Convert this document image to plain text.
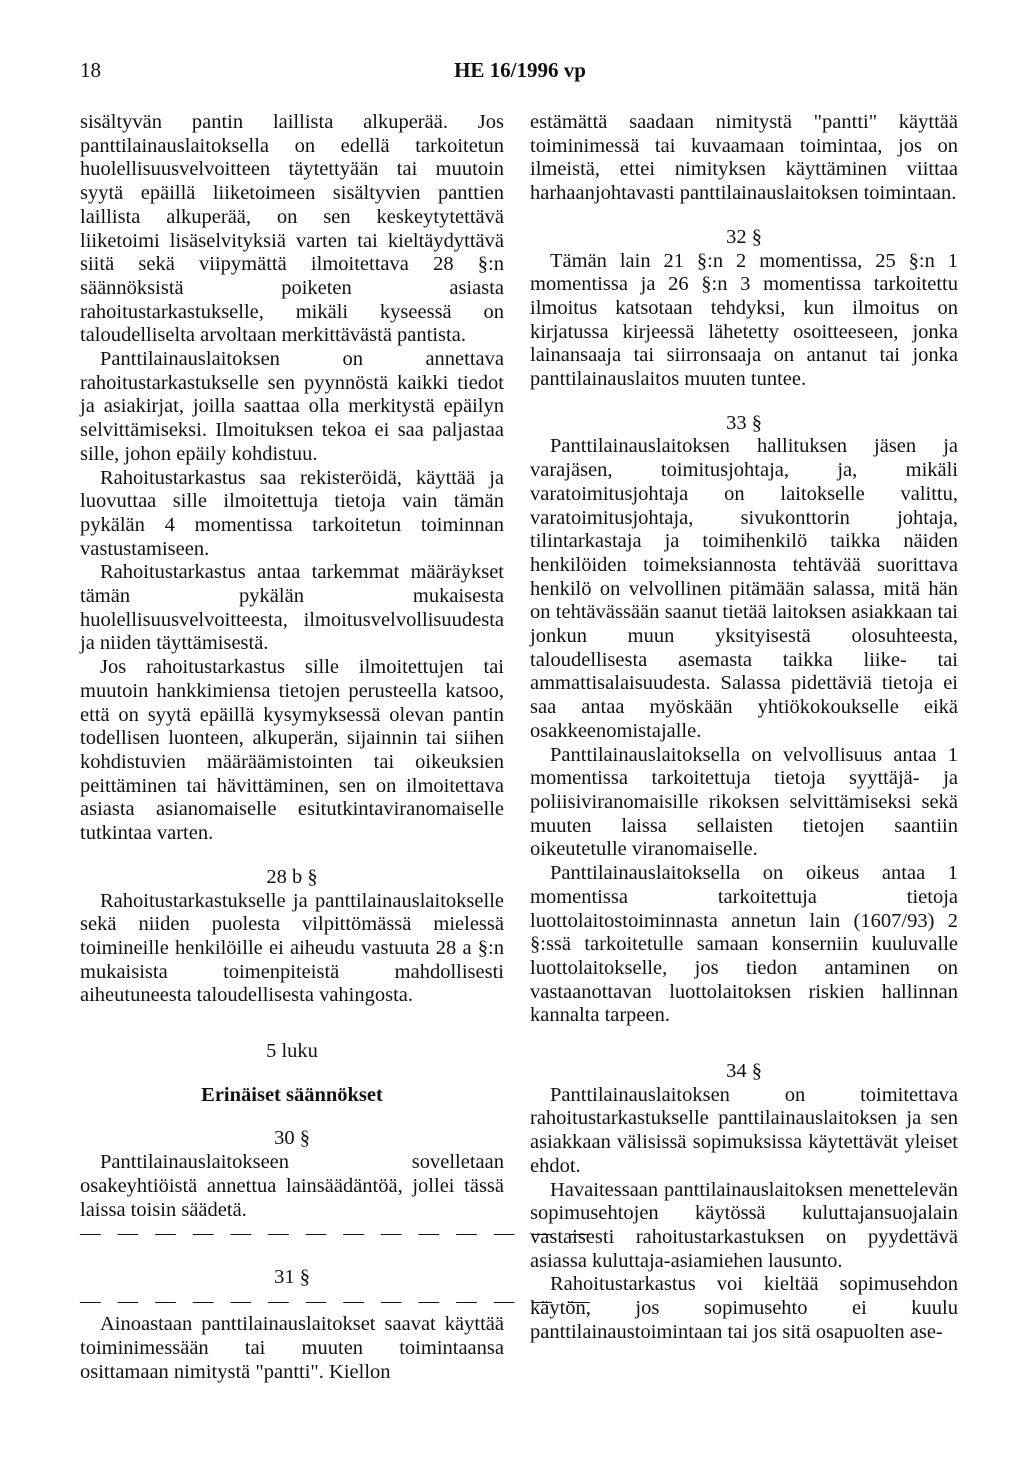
18	HE 16/1996 vp

sisältyvän pantin laillista alkuperää. Jos panttilainauslaitoksella on edellä tarkoitetun huolellisuusvelvoitteen täytettyään tai muutoin syytä epäillä liiketoimeen sisältyvien panttien laillista alkuperää, on sen keskeytytettävä liiketoimi lisäselvityksiä varten tai kieltäydyttävä siitä sekä viipymättä ilmoitettava 28 §:n säännöksistä poiketen asiasta rahoitustarkastukselle, mikäli kyseessä on taloudelliselta arvoltaan merkittävästä pantista.

Panttilainauslaitoksen on annettava rahoitustarkastukselle sen pyynnöstä kaikki tiedot ja asiakirjat, joilla saattaa olla merkitystä epäilyn selvittämiseksi. Ilmoituksen tekoa ei saa paljastaa sille, johon epäily kohdistuu.

Rahoitustarkastus saa rekisteröidä, käyttää ja luovuttaa sille ilmoitettuja tietoja vain tämän pykälän 4 momentissa tarkoitetun toiminnan vastustamiseen.

Rahoitustarkastus antaa tarkemmat määräykset tämän pykälän mukaisesta huolellisuusvelvoitteesta, ilmoitusvelvollisuudesta ja niiden täyttämisestä.

Jos rahoitustarkastus sille ilmoitettujen tai muutoin hankkimiensa tietojen perusteella katsoo, että on syytä epäillä kysymyksessä olevan pantin todellisen luonteen, alkuperän, sijainnin tai siihen kohdistuvien määräämistointen tai oikeuksien peittäminen tai hävittäminen, sen on ilmoitettava asiasta asianomaiselle esitutkintaviranomaiselle tutkintaa varten.

28 b §

Rahoitustarkastukselle ja panttilainauslaitokselle sekä niiden puolesta vilpittömässä mielessä toimineille henkilöille ei aiheudu vastuuta 28 a §:n mukaisista toimenpiteistä mahdollisesti aiheutuneesta taloudellisesta vahingosta.

5 luku

Erinäiset säännökset

30 §

Panttilainauslaitokseen sovelletaan osakeyhtiöistä annettua lainsäädäntöä, jollei tässä laissa toisin säädetä.

— — — — — — — — — — — — — —

31 §

— — — — — — — — — — — — — —

Ainoastaan panttilainauslaitokset saavat käyttää toiminimessään tai muuten toimintaansa osittamaan nimitystä "pantti". Kiellon

estämättä saadaan nimitystä "pantti" käyttää toiminimessä tai kuvaamaan toimintaa, jos on ilmeistä, ettei nimityksen käyttäminen viittaa harhaanjohtavasti panttilainauslaitoksen toimintaan.

32 §

Tämän lain 21 §:n 2 momentissa, 25 §:n 1 momentissa ja 26 §:n 3 momentissa tarkoitettu ilmoitus katsotaan tehdyksi, kun ilmoitus on kirjatussa kirjeessä lähetetty osoitteeseen, jonka lainansaaja tai siirronsaaja on antanut tai jonka panttilainauslaitos muuten tuntee.

33 §

Panttilainauslaitoksen hallituksen jäsen ja varajäsen, toimitusjohtaja, ja, mikäli varatoimitusjohtaja on laitokselle valittu, varatoimitusjohtaja, sivukonttorin johtaja, tilintarkastaja ja toimihenkilö taikka näiden henkilöiden toimeksiannosta tehtävää suorittava henkilö on velvollinen pitämään salassa, mitä hän on tehtävässään saanut tietää laitoksen asiakkaan tai jonkun muun yksityisestä olosuhteesta, taloudellisesta asemasta taikka liike- tai ammattisalaisuudesta. Salassa pidettäviä tietoja ei saa antaa myöskään yhtiökokoukselle eikä osakkeenomistajalle.

Panttilainauslaitoksella on velvollisuus antaa 1 momentissa tarkoitettuja tietoja syyttäjä- ja poliisiviranomaisille rikoksen selvittämiseksi sekä muuten laissa sellaisten tietojen saantiin oikeutetulle viranomaiselle.

Panttilainauslaitoksella on oikeus antaa 1 momentissa tarkoitettuja tietoja luottolaitostoiminnasta annetun lain (1607/93) 2 §:ssä tarkoitetulle samaan konserniin kuuluvalle luottolaitokselle, jos tiedon antaminen on vastaanottavan luottolaitoksen riskien hallinnan kannalta tarpeen.

34 §

Panttilainauslaitoksen on toimitettava rahoitustarkastukselle panttilainauslaitoksen ja sen asiakkaan välisissä sopimuksissa käytettävät yleiset ehdot.

Havaitessaan panttilainauslaitoksen menettelevän sopimusehtojen käytössä kuluttajansuojalain vastaisesti rahoitustarkastuksen on pyydettävä asiassa kuluttaja-asiamiehen lausunto.

Rahoitustarkastus voi kieltää sopimusehdon käytön, jos sopimusehto ei kuulu panttilainaustoimintaan tai jos sitä osapuolten ase-
